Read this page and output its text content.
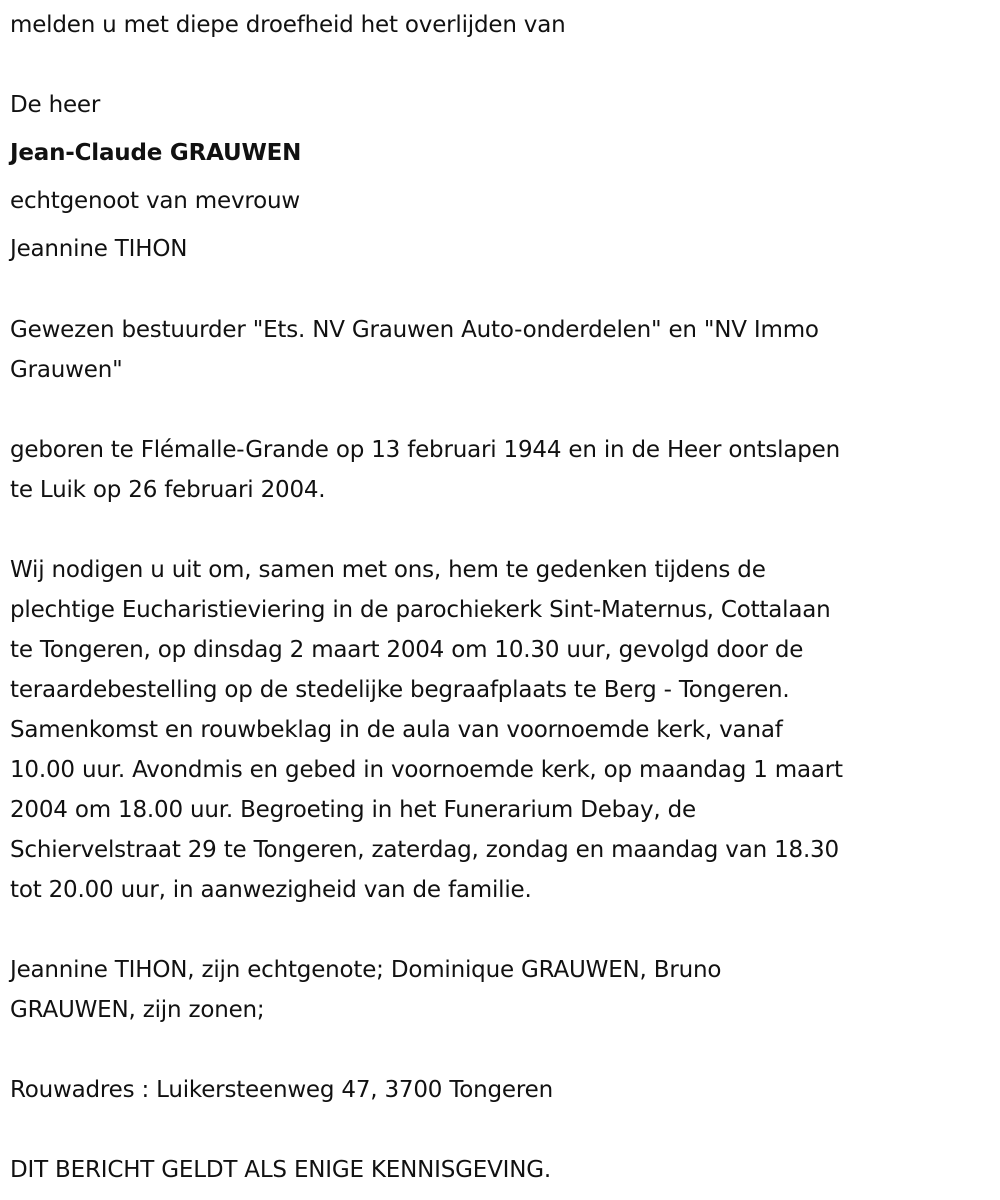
melden u met diepe droefheid het overlijden van
De heer
Jean-Claude GRAUWEN
echtgenoot van mevrouw
Jeannine TIHON
Gewezen bestuurder "Ets. NV Grauwen Auto-onderdelen" en "NV Immo
Grauwen"
geboren te Flémalle-Grande op 13 februari 1944 en in de Heer ontslapen
te Luik op 26 februari 2004.
Wij nodigen u uit om, samen met ons, hem te gedenken tijdens de
plechtige Eucharistieviering in de parochiekerk Sint-Maternus, Cottalaan
te Tongeren, op dinsdag 2 maart 2004 om 10.30 uur, gevolgd door de
teraardebestelling op de stedelijke begraafplaats te Berg - Tongeren.
Samenkomst en rouwbeklag in de aula van voornoemde kerk, vanaf
10.00 uur. Avondmis en gebed in voornoemde kerk, op maandag 1 maart
2004 om 18.00 uur. Begroeting in het Funerarium Debay, de
Schiervelstraat 29 te Tongeren, zaterdag, zondag en maandag van 18.30
tot 20.00 uur, in aanwezigheid van de familie.
Jeannine TIHON, zijn echtgenote; Dominique GRAUWEN, Bruno
GRAUWEN, zijn zonen;
Rouwadres : Luikersteenweg 47, 3700 Tongeren
DIT BERICHT GELDT ALS ENIGE KENNISGEVING.
